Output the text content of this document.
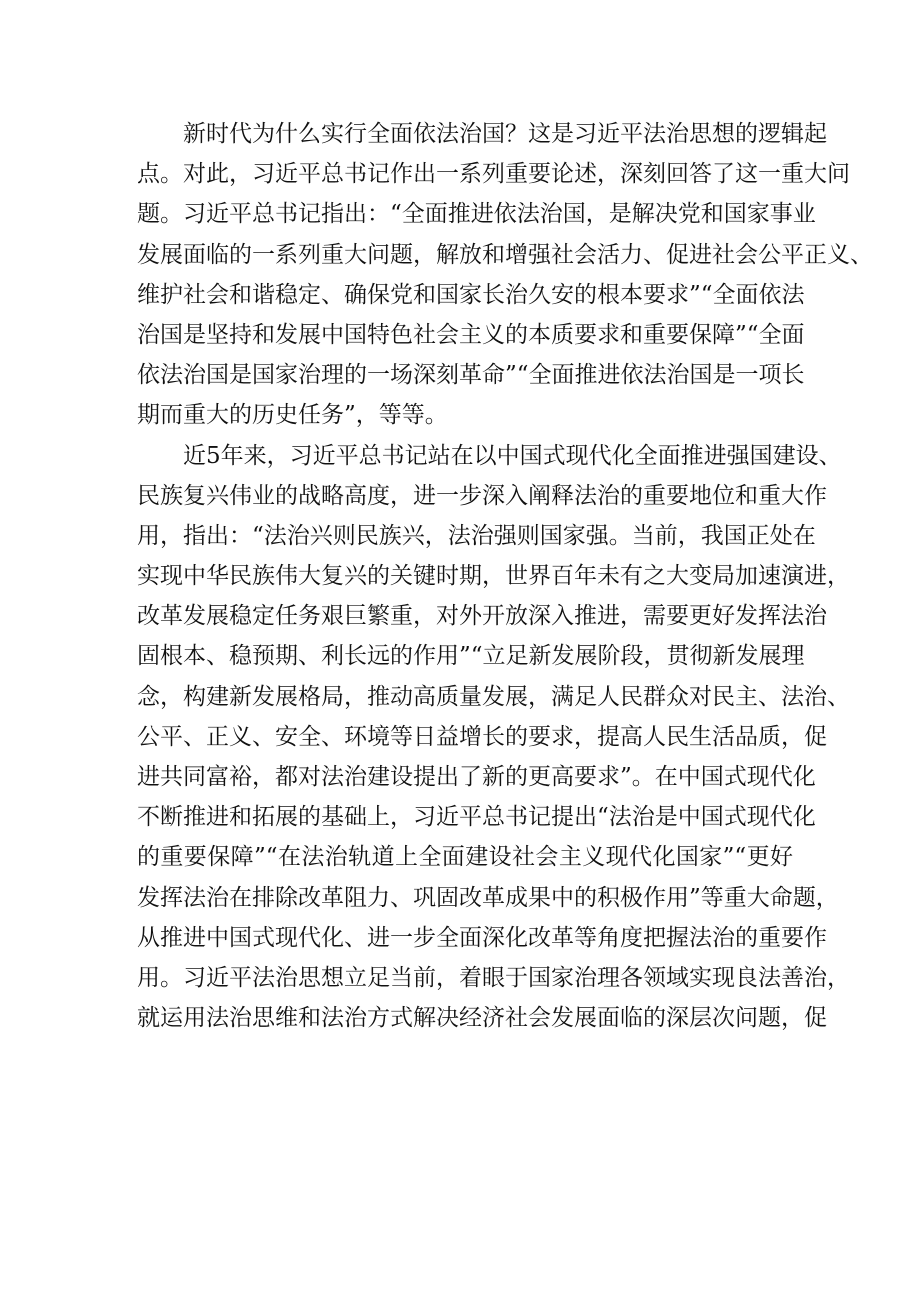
新时代为什么实行全面依法治国？这是习近平法治思想的逻辑起
点。对此，习近平总书记作出一系列重要论述，深刻回答了这一重大问
题。习近平总书记指出：“全面推进依法治国，是解决党和国家事业
发展面临的一系列重大问题，解放和增强社会活力、促进社会公平正义、
维护社会和谐稳定、确保党和国家长治久安的根本要求”“全面依法
治国是坚持和发展中国特色社会主义的本质要求和重要保障”“全面
依法治国是国家治理的一场深刻革命”“全面推进依法治国是一项长
期而重大的历史任务”，等等。
近5年来，习近平总书记站在以中国式现代化全面推进强国建设、
民族复兴伟业的战略高度，进一步深入阐释法治的重要地位和重大作
用，指出：“法治兴则民族兴，法治强则国家强。当前，我国正处在
实现中华民族伟大复兴的关键时期，世界百年未有之大变局加速演进，
改革发展稳定任务艰巨繁重，对外开放深入推进，需要更好发挥法治
固根本、稳预期、利长远的作用”“立足新发展阶段，贯彻新发展理
念，构建新发展格局，推动高质量发展，满足人民群众对民主、法治、
公平、正义、安全、环境等日益增长的要求，提高人民生活品质，促
进共同富裕，都对法治建设提出了新的更高要求”。在中国式现代化
不断推进和拓展的基础上，习近平总书记提出“法治是中国式现代化
的重要保障”“在法治轨道上全面建设社会主义现代化国家”“更好
发挥法治在排除改革阻力、巩固改革成果中的积极作用”等重大命题，
从推进中国式现代化、进一步全面深化改革等角度把握法治的重要作
用。习近平法治思想立足当前，着眼于国家治理各领域实现良法善治，
就运用法治思维和法治方式解决经济社会发展面临的深层次问题，促
